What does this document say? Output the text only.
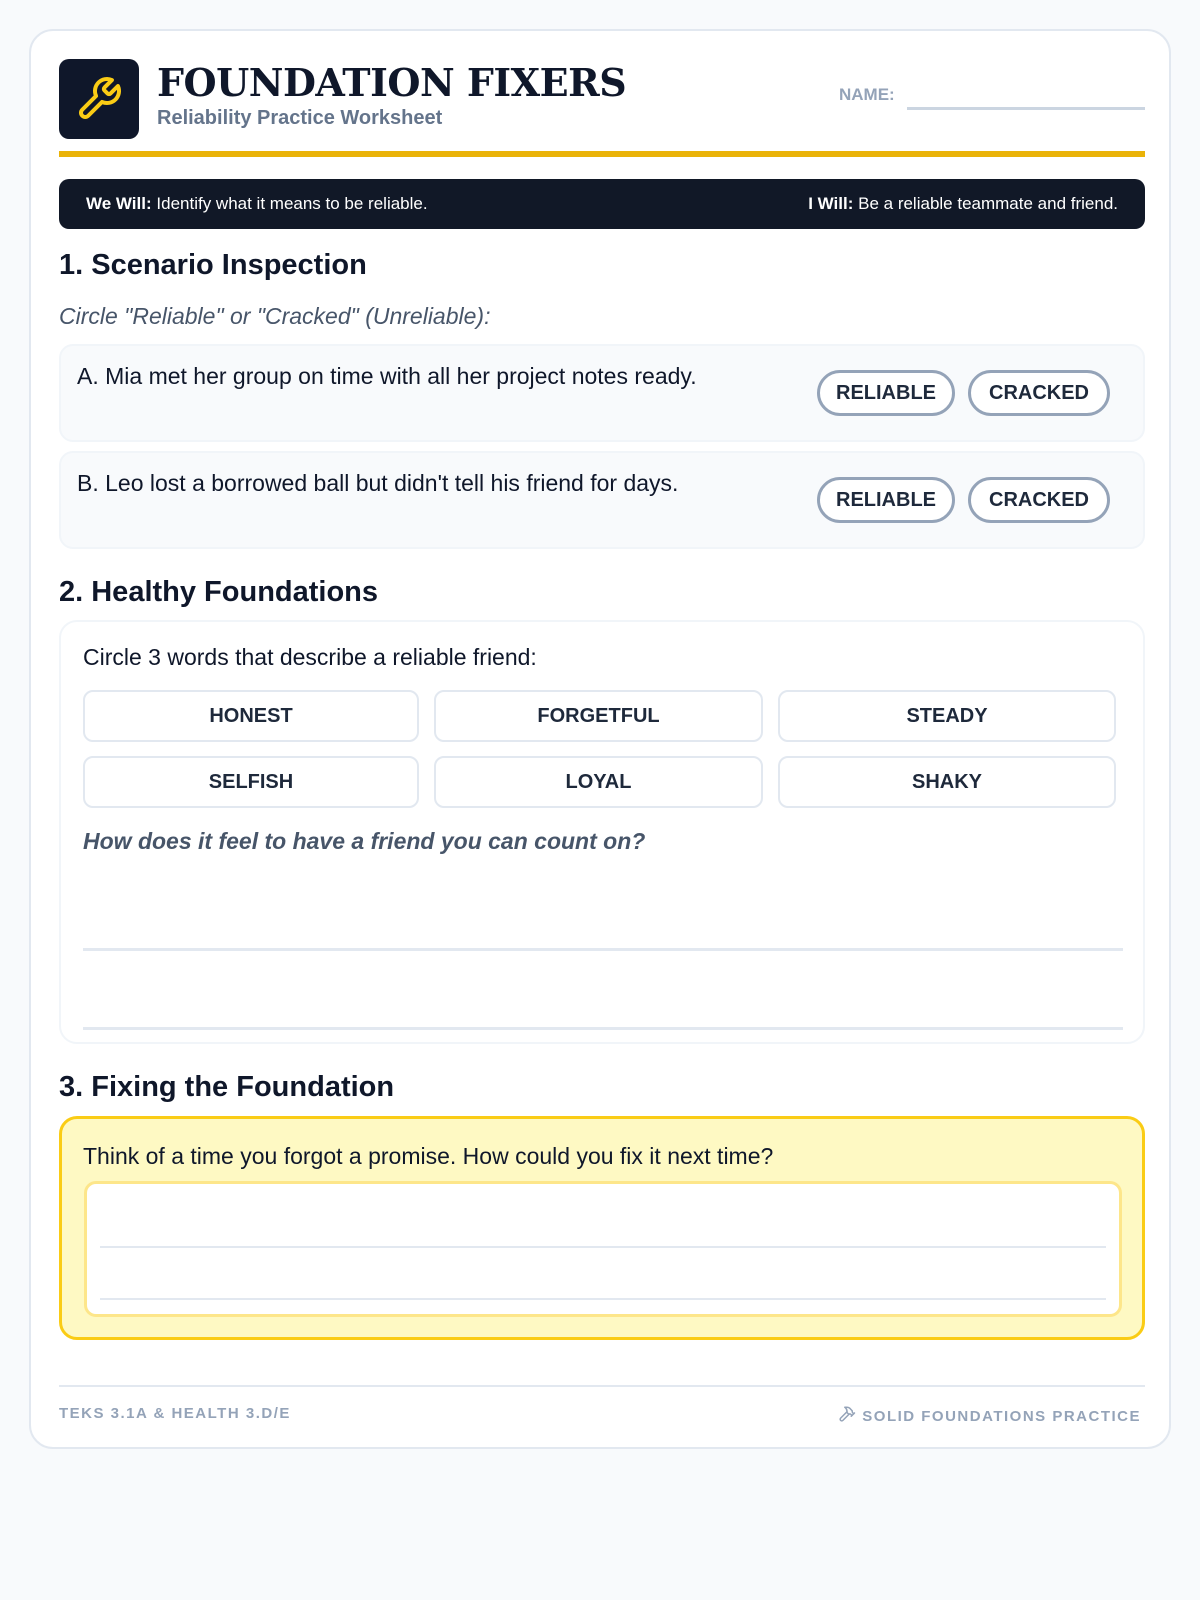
FOUNDATION FIXERS
Reliability Practice Worksheet
NAME:
We Will: Identify what it means to be reliable.	I Will: Be a reliable teammate and friend.
1. Scenario Inspection
Circle "Reliable" or "Cracked" (Unreliable):
A. Mia met her group on time with all her project notes ready.
RELIABLE	CRACKED
B. Leo lost a borrowed ball but didn't tell his friend for days.
RELIABLE	CRACKED
2. Healthy Foundations
Circle 3 words that describe a reliable friend:
HONEST	FORGETFUL	STEADY
SELFISH	LOYAL	SHAKY
How does it feel to have a friend you can count on?
3. Fixing the Foundation
Think of a time you forgot a promise. How could you fix it next time?
TEKS 3.1A & HEALTH 3.D/E	SOLID FOUNDATIONS PRACTICE
